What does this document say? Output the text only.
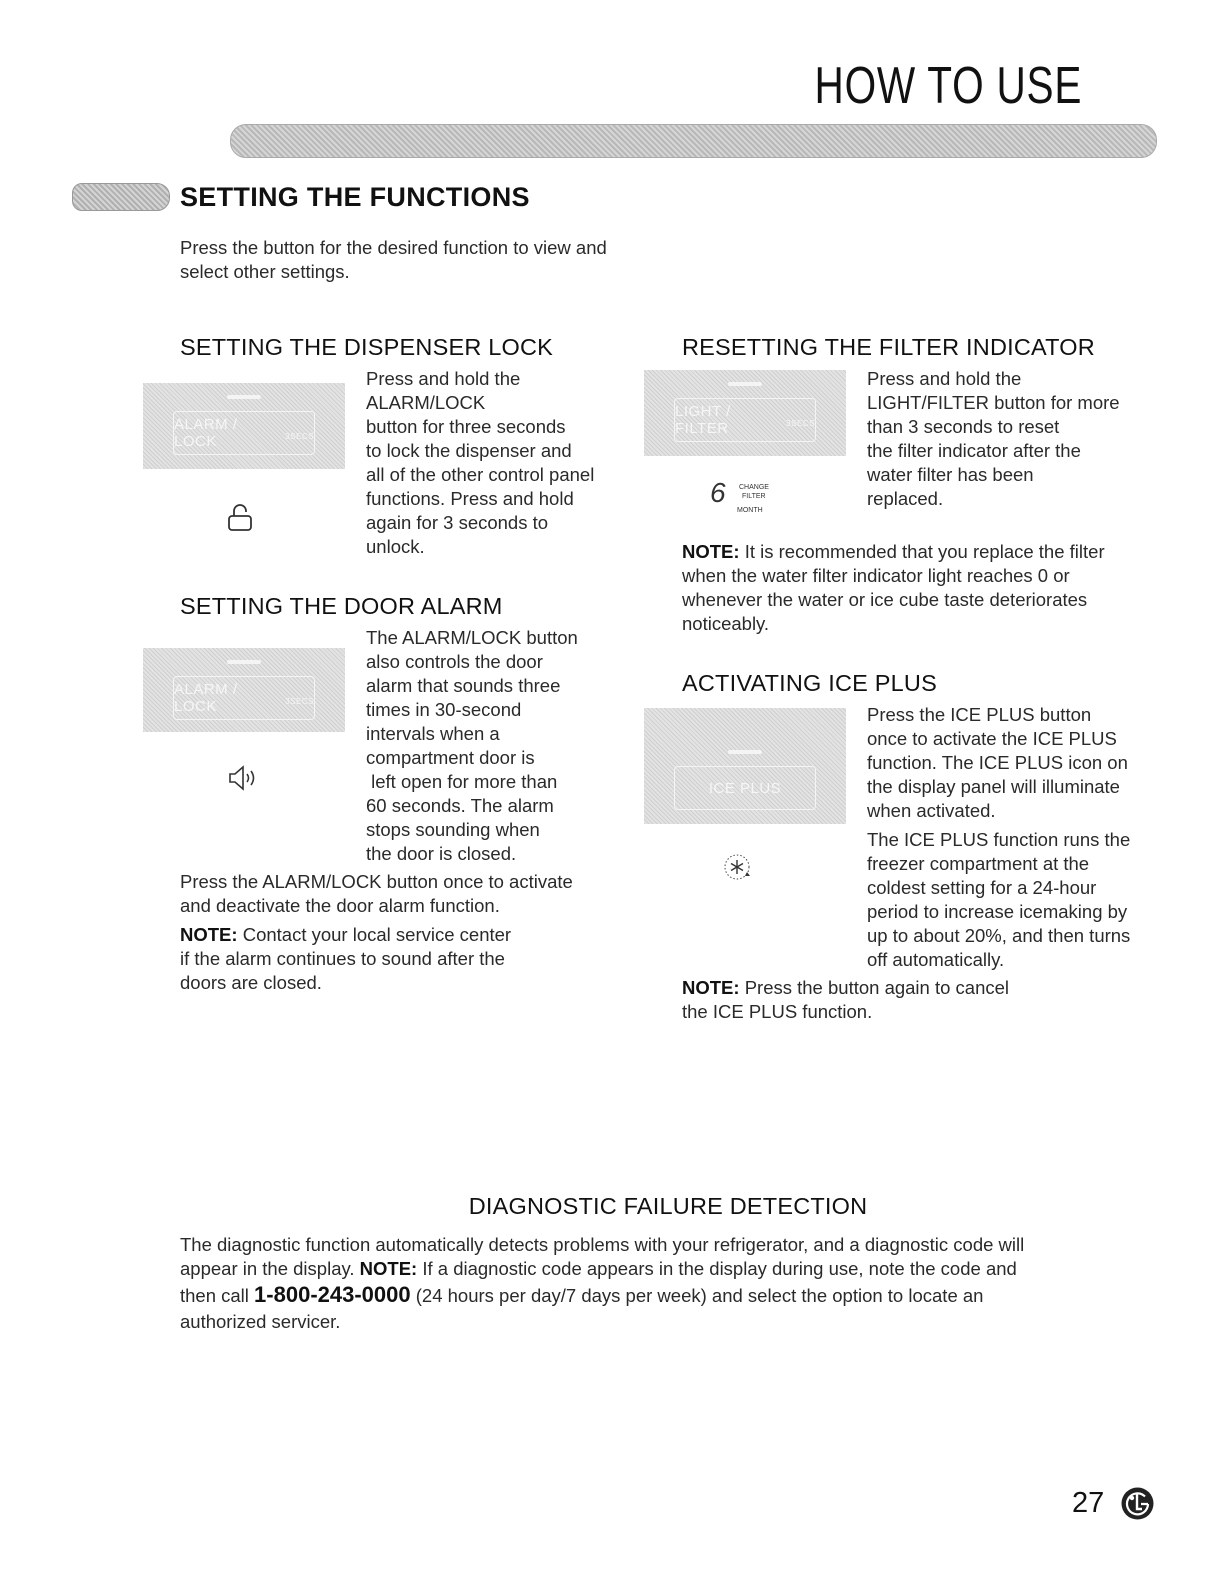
HOW TO USE
SETTING THE FUNCTIONS
Press the button for the desired function to view and
select other settings.
SETTING THE DISPENSER LOCK
ALARM / LOCK	3SECS
Press and hold the
ALARM/LOCK
button for three seconds
to lock the dispenser and
all of the other control panel
functions. Press and hold
again for 3 seconds to
unlock.
SETTING THE DOOR ALARM
ALARM / LOCK	3SECS
The ALARM/LOCK button
also controls the door
alarm that sounds three
times in 30-second
intervals when a
compartment door is
left open for more than
60 seconds. The alarm
stops sounding when
the door is closed.
Press the ALARM/LOCK button once to activate
and deactivate the door alarm function.
NOTE: Contact your local service center
if the alarm continues to sound after the
doors are closed.
RESETTING THE FILTER INDICATOR
LIGHT / FILTER	3SECS
6 CHANGE
FILTER
MONTH
Press and hold the
LIGHT/FILTER button for more
than 3 seconds to reset
the filter indicator after the
water filter has been
replaced.
NOTE: It is recommended that you replace the filter
when the water filter indicator light reaches 0 or
whenever the water or ice cube taste deteriorates
noticeably.
ACTIVATING ICE PLUS
ICE PLUS
Press the ICE PLUS button
once to activate the ICE PLUS
function. The ICE PLUS icon on
the display panel will illuminate
when activated.
The ICE PLUS function runs the
freezer compartment at the
coldest setting for a 24-hour
period to increase icemaking by
up to about 20%, and then turns
off automatically.
NOTE: Press the button again to cancel
the ICE PLUS function.
DIAGNOSTIC FAILURE DETECTION
The diagnostic function automatically detects problems with your refrigerator, and a diagnostic code will
appear in the display. NOTE: If a diagnostic code appears in the display during use, note the code and
then call 1-800-243-0000 (24 hours per day/7 days per week) and select the option to locate an
authorized servicer.
27
